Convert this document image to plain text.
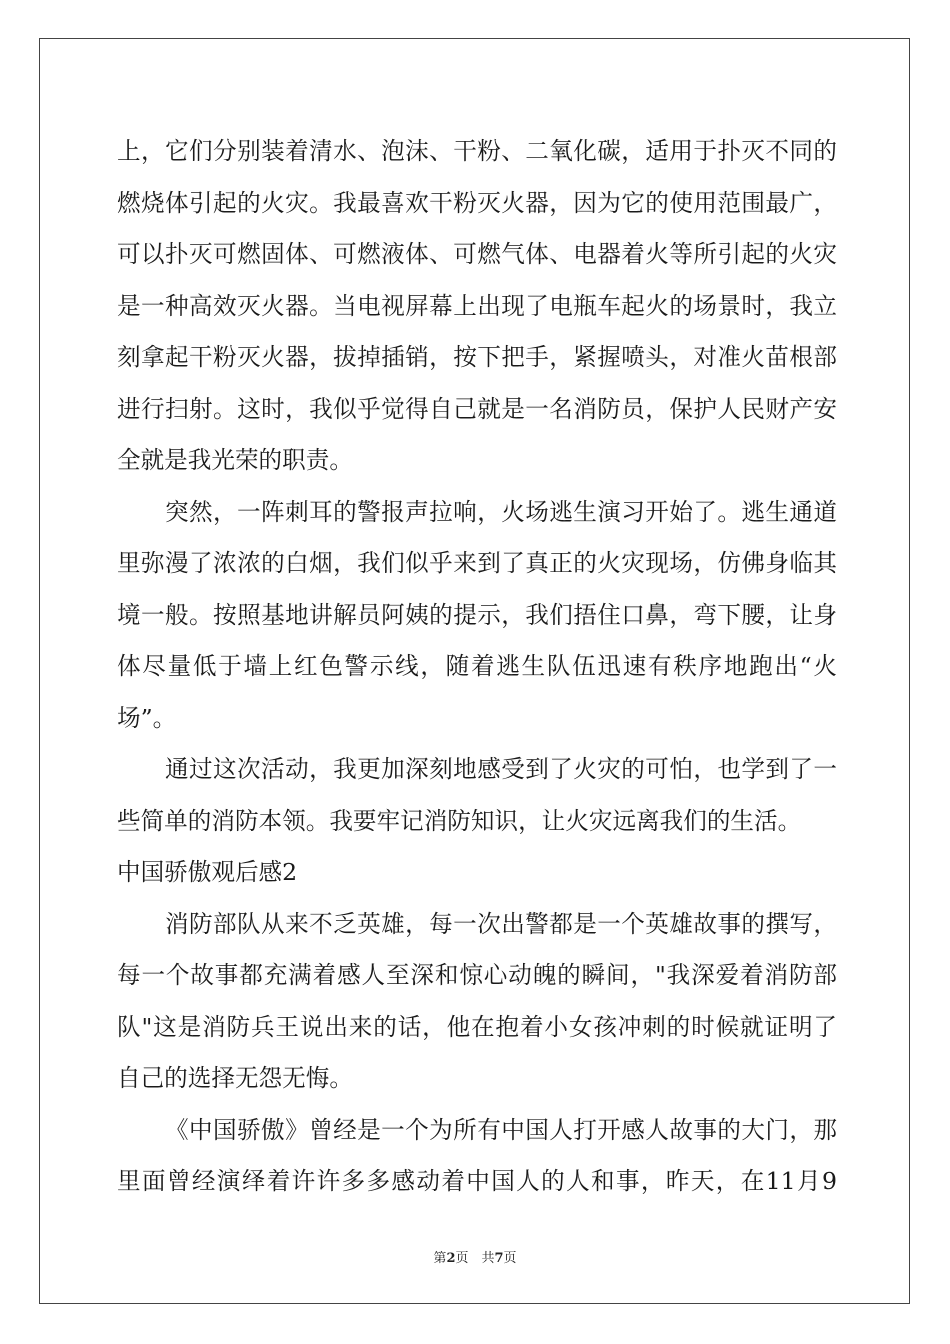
上，它们分别装着清水、泡沫、干粉、二氧化碳，适用于扑灭不同的
燃烧体引起的火灾。我最喜欢干粉灭火器，因为它的使用范围最广，
可以扑灭可燃固体、可燃液体、可燃气体、电器着火等所引起的火灾
是一种高效灭火器。当电视屏幕上出现了电瓶车起火的场景时，我立
刻拿起干粉灭火器，拔掉插销，按下把手，紧握喷头，对准火苗根部
进行扫射。这时，我似乎觉得自己就是一名消防员，保护人民财产安
全就是我光荣的职责。
突然，一阵刺耳的警报声拉响，火场逃生演习开始了。逃生通道
里弥漫了浓浓的白烟，我们似乎来到了真正的火灾现场，仿佛身临其
境一般。按照基地讲解员阿姨的提示，我们捂住口鼻，弯下腰，让身
体尽量低于墙上红色警示线，随着逃生队伍迅速有秩序地跑出“火
场”。
通过这次活动，我更加深刻地感受到了火灾的可怕，也学到了一
些简单的消防本领。我要牢记消防知识，让火灾远离我们的生活。
中国骄傲观后感2
消防部队从来不乏英雄，每一次出警都是一个英雄故事的撰写，
每一个故事都充满着感人至深和惊心动魄的瞬间，"我深爱着消防部
队"这是消防兵王说出来的话，他在抱着小女孩冲刺的时候就证明了
自己的选择无怨无悔。
《中国骄傲》曾经是一个为所有中国人打开感人故事的大门，那
里面曾经演绎着许许多多感动着中国人的人和事，昨天，在11月9
第2页　共7页
